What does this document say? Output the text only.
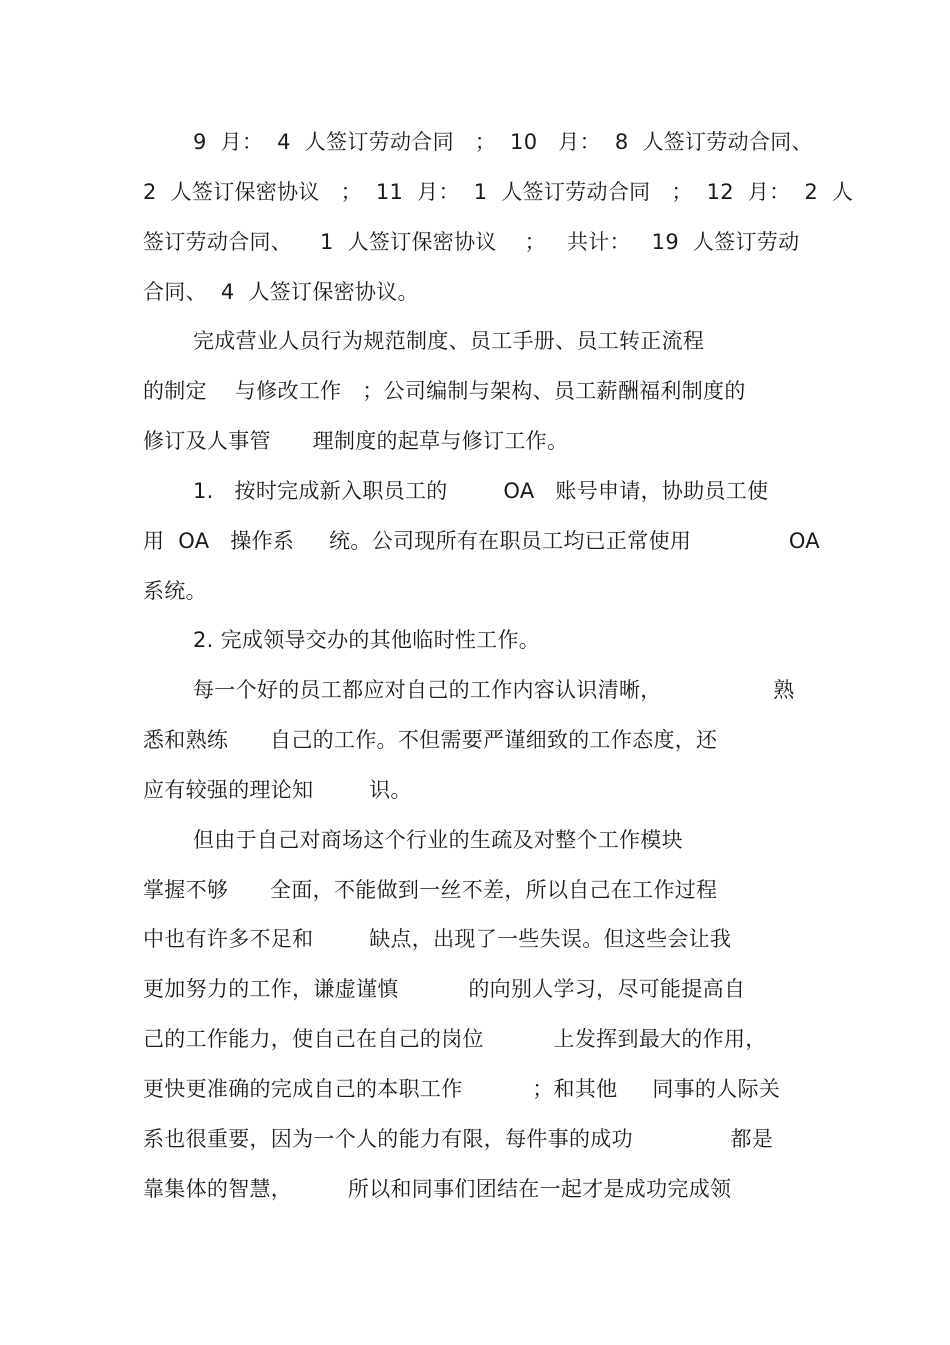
9  月：  4  人签订劳动合同   ；  10   月：  8  人签订劳动合同、
2  人签订保密协议   ；  11  月：  1  人签订劳动合同   ；  12  月：  2  人
签订劳动合同、    1  人签订保密协议    ；   共计：   19  人签订劳动
合同、  4  人签订保密协议。
完成营业人员行为规范制度、员工手册、员工转正流程
的制定    与修改工作   ；公司编制与架构、员工薪酬福利制度的
修订及人事管      理制度的起草与修订工作。
1.   按时完成新入职员工的        OA   账号申请，协助员工使
用  OA   操作系     统。公司现所有在职员工均已正常使用              OA
系统。
2. 完成领导交办的其他临时性工作。
每一个好的员工都应对自己的工作内容认识清晰，                熟
悉和熟练      自己的工作。不但需要严谨细致的工作态度，还
应有较强的理论知        识。
但由于自己对商场这个行业的生疏及对整个工作模块
掌握不够      全面，不能做到一丝不差，所以自己在工作过程
中也有许多不足和        缺点，出现了一些失误。但这些会让我
更加努力的工作，谦虚谨慎          的向别人学习，尽可能提高自
己的工作能力，使自己在自己的岗位          上发挥到最大的作用，
更快更准确的完成自己的本职工作          ；和其他     同事的人际关
系也很重要，因为一个人的能力有限，每件事的成功              都是
靠集体的智慧，        所以和同事们团结在一起才是成功完成领
